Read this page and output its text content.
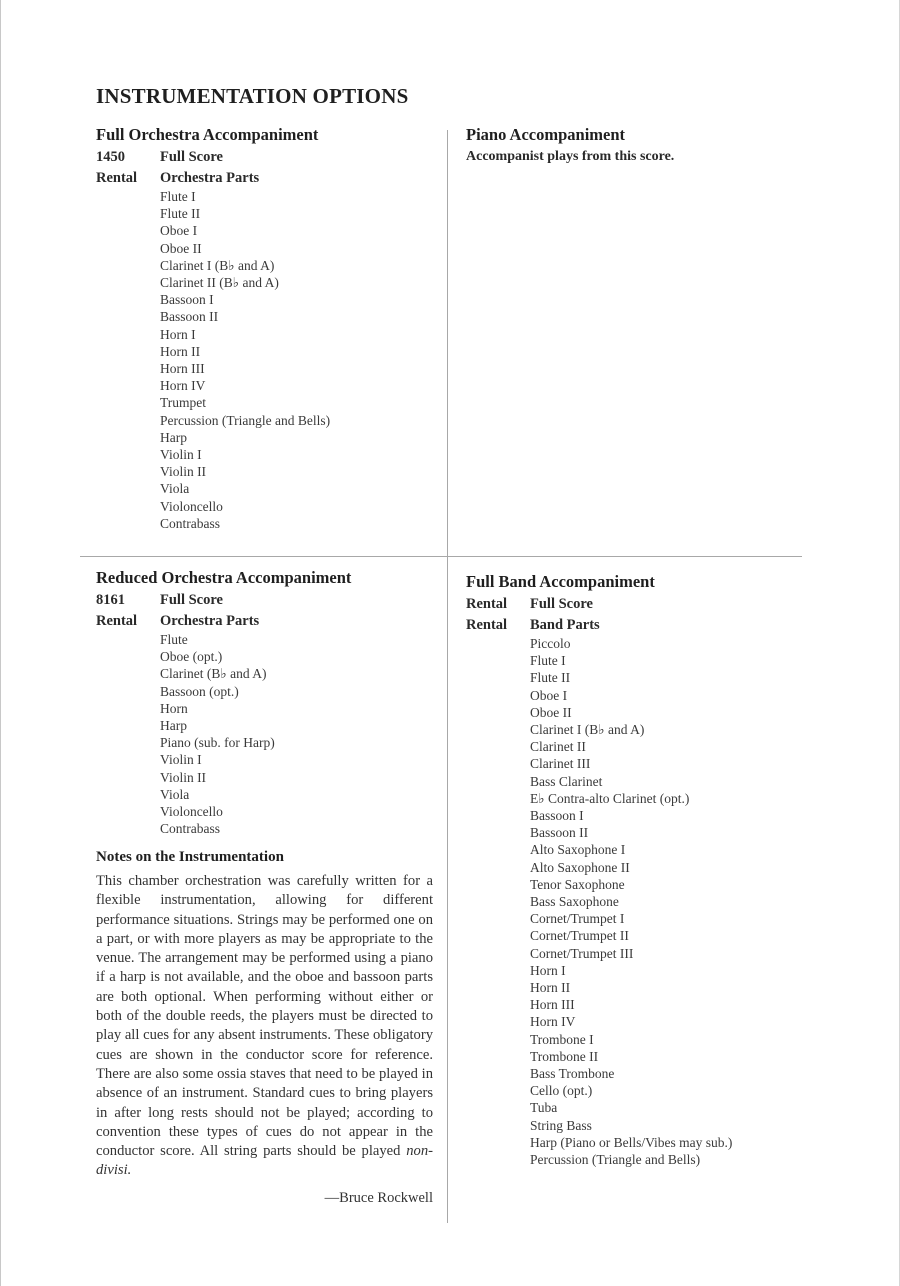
INSTRUMENTATION OPTIONS
Full Orchestra Accompaniment
1450	Full Score
Rental	Orchestra Parts
Flute I
Flute II
Oboe I
Oboe II
Clarinet I (B♭ and A)
Clarinet II (B♭ and A)
Bassoon I
Bassoon II
Horn I
Horn II
Horn III
Horn IV
Trumpet
Percussion (Triangle and Bells)
Harp
Violin I
Violin II
Viola
Violoncello
Contrabass
Piano Accompaniment
Accompanist plays from this score.
Reduced Orchestra Accompaniment
8161	Full Score
Rental	Orchestra Parts
Flute
Oboe (opt.)
Clarinet (B♭ and A)
Bassoon (opt.)
Horn
Harp
Piano (sub. for Harp)
Violin I
Violin II
Viola
Violoncello
Contrabass
Full Band Accompaniment
Rental	Full Score
Rental	Band Parts
Piccolo
Flute I
Flute II
Oboe I
Oboe II
Clarinet I (B♭ and A)
Clarinet II
Clarinet III
Bass Clarinet
E♭ Contra-alto Clarinet (opt.)
Bassoon I
Bassoon II
Alto Saxophone I
Alto Saxophone II
Tenor Saxophone
Bass Saxophone
Cornet/Trumpet I
Cornet/Trumpet II
Cornet/Trumpet III
Horn I
Horn II
Horn III
Horn IV
Trombone I
Trombone II
Bass Trombone
Cello (opt.)
Tuba
String Bass
Harp (Piano or Bells/Vibes may sub.)
Percussion (Triangle and Bells)
Notes on the Instrumentation

This chamber orchestration was carefully written for a flexible instrumentation, allowing for different performance situations. Strings may be performed one on a part, or with more players as may be appropriate to the venue. The arrangement may be performed using a piano if a harp is not available, and the oboe and bassoon parts are both optional. When performing without either or both of the double reeds, the players must be directed to play all cues for any absent instruments. These obligatory cues are shown in the conductor score for reference. There are also some ossia staves that need to be played in absence of an instrument. Standard cues to bring players in after long rests should not be played; according to convention these types of cues do not appear in the conductor score. All string parts should be played non-divisi.

—Bruce Rockwell
